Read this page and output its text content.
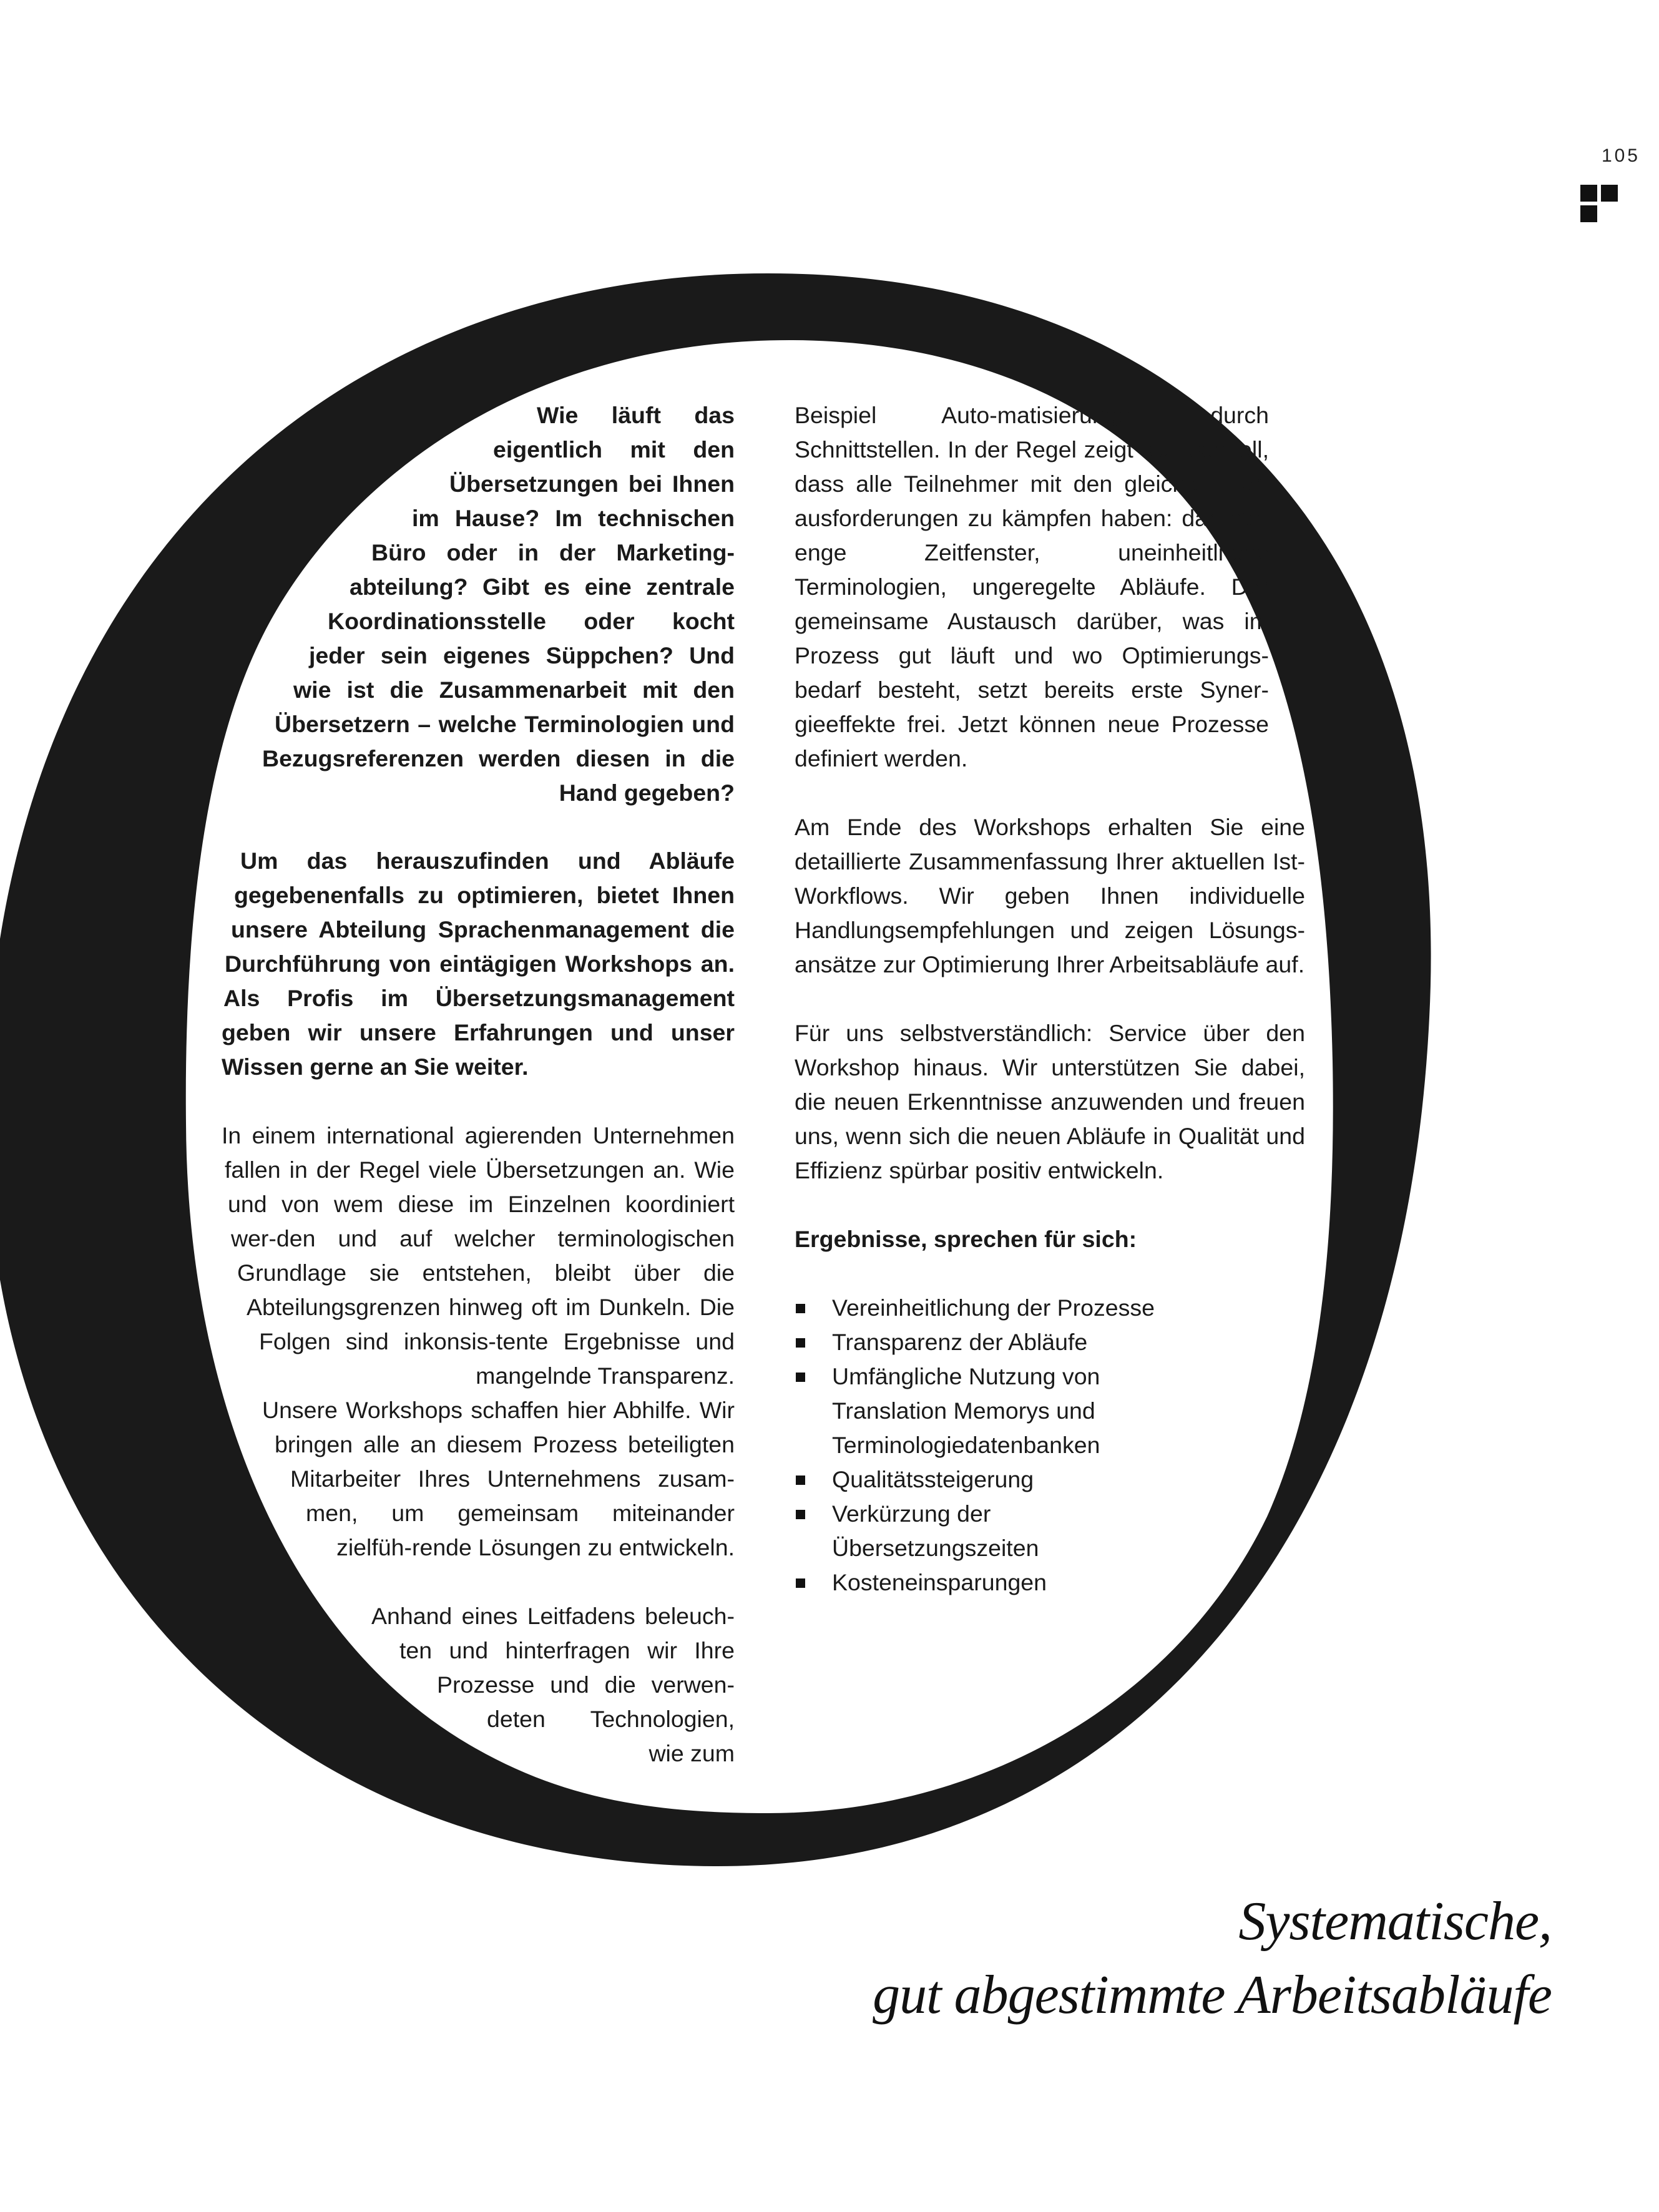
105
Wie läuft das eigentlich mit den Übersetzungen bei Ihnen im Hause? Im technischen Büro oder in der Marketing-abteilung? Gibt es eine zentrale Koordinationsstelle oder kocht jeder sein eigenes Süppchen? Und wie ist die Zusammenarbeit mit den Übersetzern – welche Terminologien und Bezugsreferenzen werden diesen in die Hand gegeben?
Um das herauszufinden und Abläufe gegebenenfalls zu optimieren, bietet Ihnen unsere Abteilung Sprachenmanagement die Durchführung von eintägigen Workshops an. Als Profis im Übersetzungsmanagement geben wir unsere Erfahrungen und unser Wissen gerne an Sie weiter.
In einem international agierenden Unternehmen fallen in der Regel viele Übersetzungen an. Wie und von wem diese im Einzelnen koordiniert wer-den und auf welcher terminologischen Grundlage sie entstehen, bleibt über die Abteilungsgrenzen hinweg oft im Dunkeln. Die Folgen sind inkonsis-tente Ergebnisse und mangelnde Transparenz.
Unsere Workshops schaffen hier Abhilfe. Wir bringen alle an diesem Prozess beteiligten Mitarbeiter Ihres Unternehmens zusam-men, um gemeinsam miteinander zielfüh-rende Lösungen zu entwickeln.
Anhand eines Leitfadens beleuch-ten und hinterfragen wir Ihre Prozesse und die verwen-deten Technologien, wie zum

Beispiel Auto-matisierungen durch Schnittstellen. In der Regel zeigt sich schnell, dass alle Teilnehmer mit den gleichen Her-ausforderungen zu kämpfen haben: darunter enge Zeitfenster, uneinheitli-che Terminologien, ungeregelte Abläufe. Der gemeinsame Austausch darüber, was im Prozess gut läuft und wo Optimierungs-bedarf besteht, setzt bereits erste Syner-gieeffekte frei. Jetzt können neue Prozesse definiert werden.

Am Ende des Workshops erhalten Sie eine detaillierte Zusammenfassung Ihrer aktuellen Ist-Workflows. Wir geben Ihnen individuelle Handlungsempfehlungen und zeigen Lösungs-ansätze zur Optimierung Ihrer Arbeitsabläufe auf.

Für uns selbstverständlich: Service über den Workshop hinaus. Wir unterstützen Sie dabei, die neuen Erkenntnisse anzuwenden und freuen uns, wenn sich die neuen Abläufe in Qualität und Effizienz spürbar positiv entwickeln.

Ergebnisse, sprechen für sich:
Vereinheitlichung der Prozesse
Transparenz der Abläufe
Umfängliche Nutzung von Translation Memorys und Terminologiedatenbanken
Qualitätssteigerung
Verkürzung der Übersetzungszeiten
Kosteneinsparungen
Systematische,
gut abgestimmte Arbeitsabläufe
